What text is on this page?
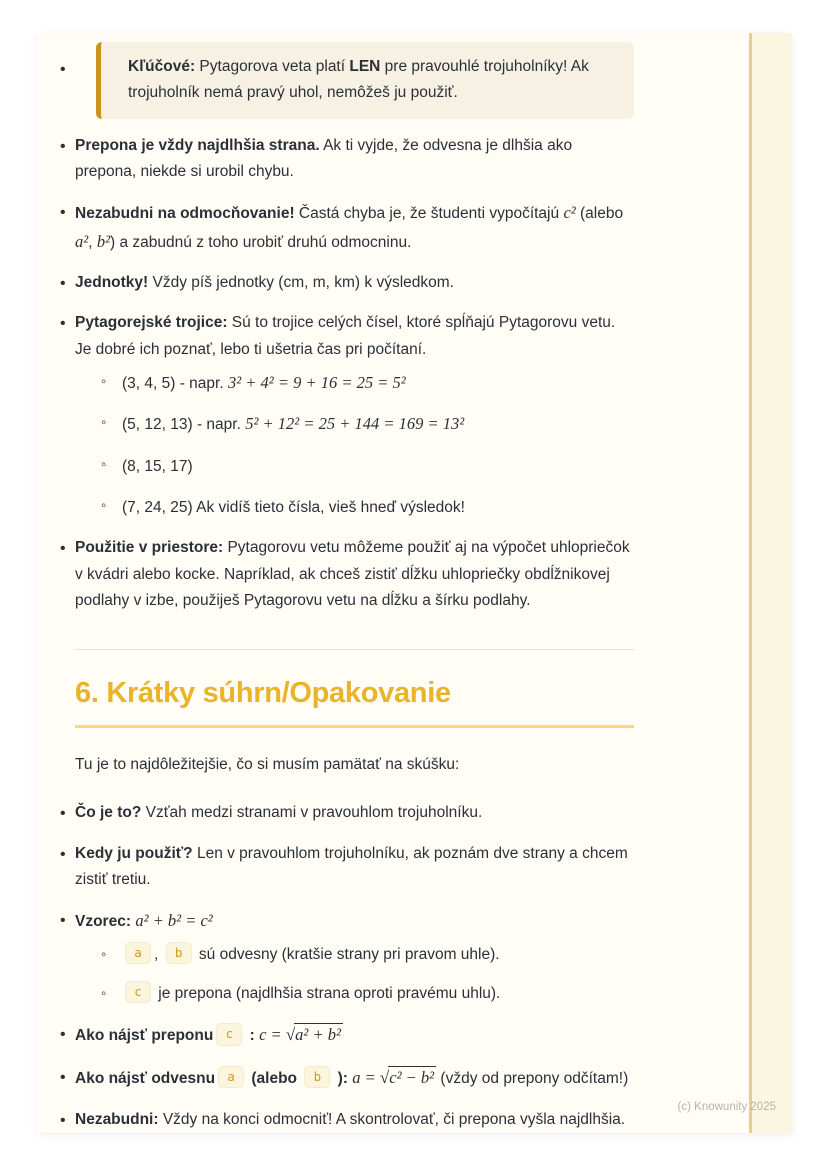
• Kľúčové: Pytagorova veta platí LEN pre pravouhlé trojuholníky! Ak trojuholník nemá pravý uhol, nemôžeš ju použiť.
• Prepona je vždy najdlhšia strana. Ak ti vyjde, že odvesna je dlhšia ako prepona, niekde si urobil chybu.
• Nezabudni na odmocňovanie! Častá chyba je, že študenti vypočítajú c² (alebo a², b²) a zabudnú z toho urobiť druhú odmocninu.
• Jednotky! Vždy píš jednotky (cm, m, km) k výsledkom.
• Pytagorejské trojice: Sú to trojice celých čísel, ktoré spĺňajú Pytagorovu vetu. Je dobré ich poznať, lebo ti ušetria čas pri počítaní.
◦ (3, 4, 5) - napr. 3² + 4² = 9 + 16 = 25 = 5²
◦ (5, 12, 13) - napr. 5² + 12² = 25 + 144 = 169 = 13²
◦ (8, 15, 17)
◦ (7, 24, 25) Ak vidíš tieto čísla, vieš hneď výsledok!
• Použitie v priestore: Pytagorovu vetu môžeme použiť aj na výpočet uhlopriečok v kvádri alebo kocke. Napríklad, ak chceš zistiť dĺžku uhlopriečky obdĺžnikovej podlahy v izbe, použiješ Pytagorovu vetu na dĺžku a šírku podlahy.
6. Krátky súhrn/Opakovanie

Tu je to najdôležitejšie, čo si musím pamätať na skúšku:

• Čo je to? Vzťah medzi stranami v pravouhlom trojuholníku.
• Kedy ju použiť? Len v pravouhlom trojuholníku, ak poznám dve strany a chcem zistiť tretiu.
• Vzorec: a² + b² = c²
◦ a , b sú odvesny (kratšie strany pri pravom uhle).
◦ c je prepona (najdlhšia strana oproti pravému uhlu).
• Ako nájsť preponu c : c = √a² + b²
• Ako nájsť odvesnu a (alebo b ): a = √c² − b² (vždy od prepony odčítam!)
• Nezabudni: Vždy na konci odmocniť! A skontrolovať, či prepona vyšla najdlhšia.
(c) Knowunity 2025
